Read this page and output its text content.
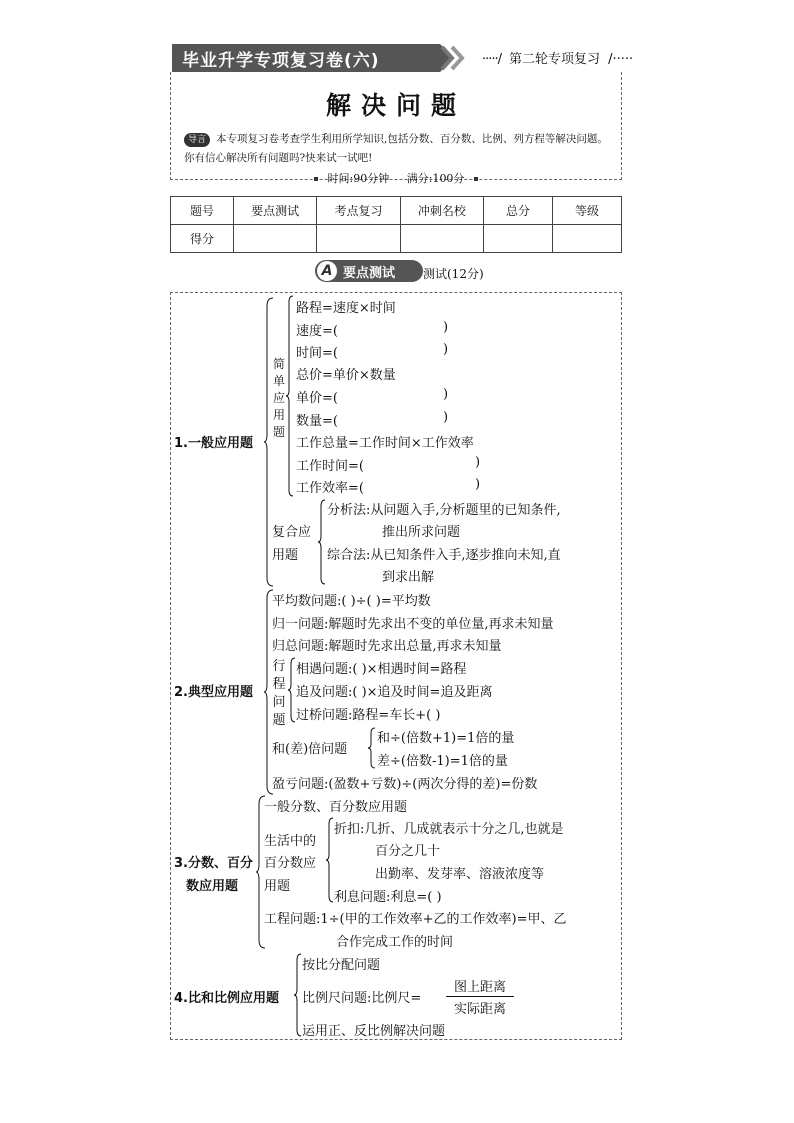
毕业升学专项复习卷(六)	·····/ 第二轮专项复习 /·····
解决问题
导言 本专项复习卷考查学生利用所学知识,包括分数、百分数、比例、列方程等解决问题。你有信心解决所有问题吗?快来试一试吧!
时间:90分钟 满分:100分
题号	要点测试	考点复习	冲刺名校	总分	等级
得分					
A 要点测试 测试(12分)
1.一般应用题
简单应用题
路程=速度×时间
速度=(	)
时间=(	)
总价=单价×数量
单价=(	)
数量=(	)
工作总量=工作时间×工作效率
工作时间=(	)
工作效率=(	)
复合应
用题
分析法:从问题入手,分析题里的已知条件,
推出所求问题
综合法:从已知条件入手,逐步推向未知,直
到求出解
2.典型应用题
平均数问题:( )÷( )=平均数
归一问题:解题时先求出不变的单位量,再求未知量
归总问题:解题时先求出总量,再求未知量
行程问题
相遇问题:( )×相遇时间=路程
追及问题:( )×追及时间=追及距离
过桥问题:路程=车长+( )
和(差)倍问题
和÷(倍数+1)=1倍的量
差÷(倍数-1)=1倍的量
盈亏问题:(盈数+亏数)÷(两次分得的差)=份数
3.分数、百分
数应用题
一般分数、百分数应用题
生活中的
百分数应
用题
折扣:几折、几成就表示十分之几,也就是
百分之几十
出勤率、发芽率、溶液浓度等
利息问题:利息=( )
工程问题:1÷(甲的工作效率+乙的工作效率)=甲、乙
合作完成工作的时间
4.比和比例应用题
按比分配问题
比例尺问题:比例尺=
图上距离
实际距离
运用正、反比例解决问题
